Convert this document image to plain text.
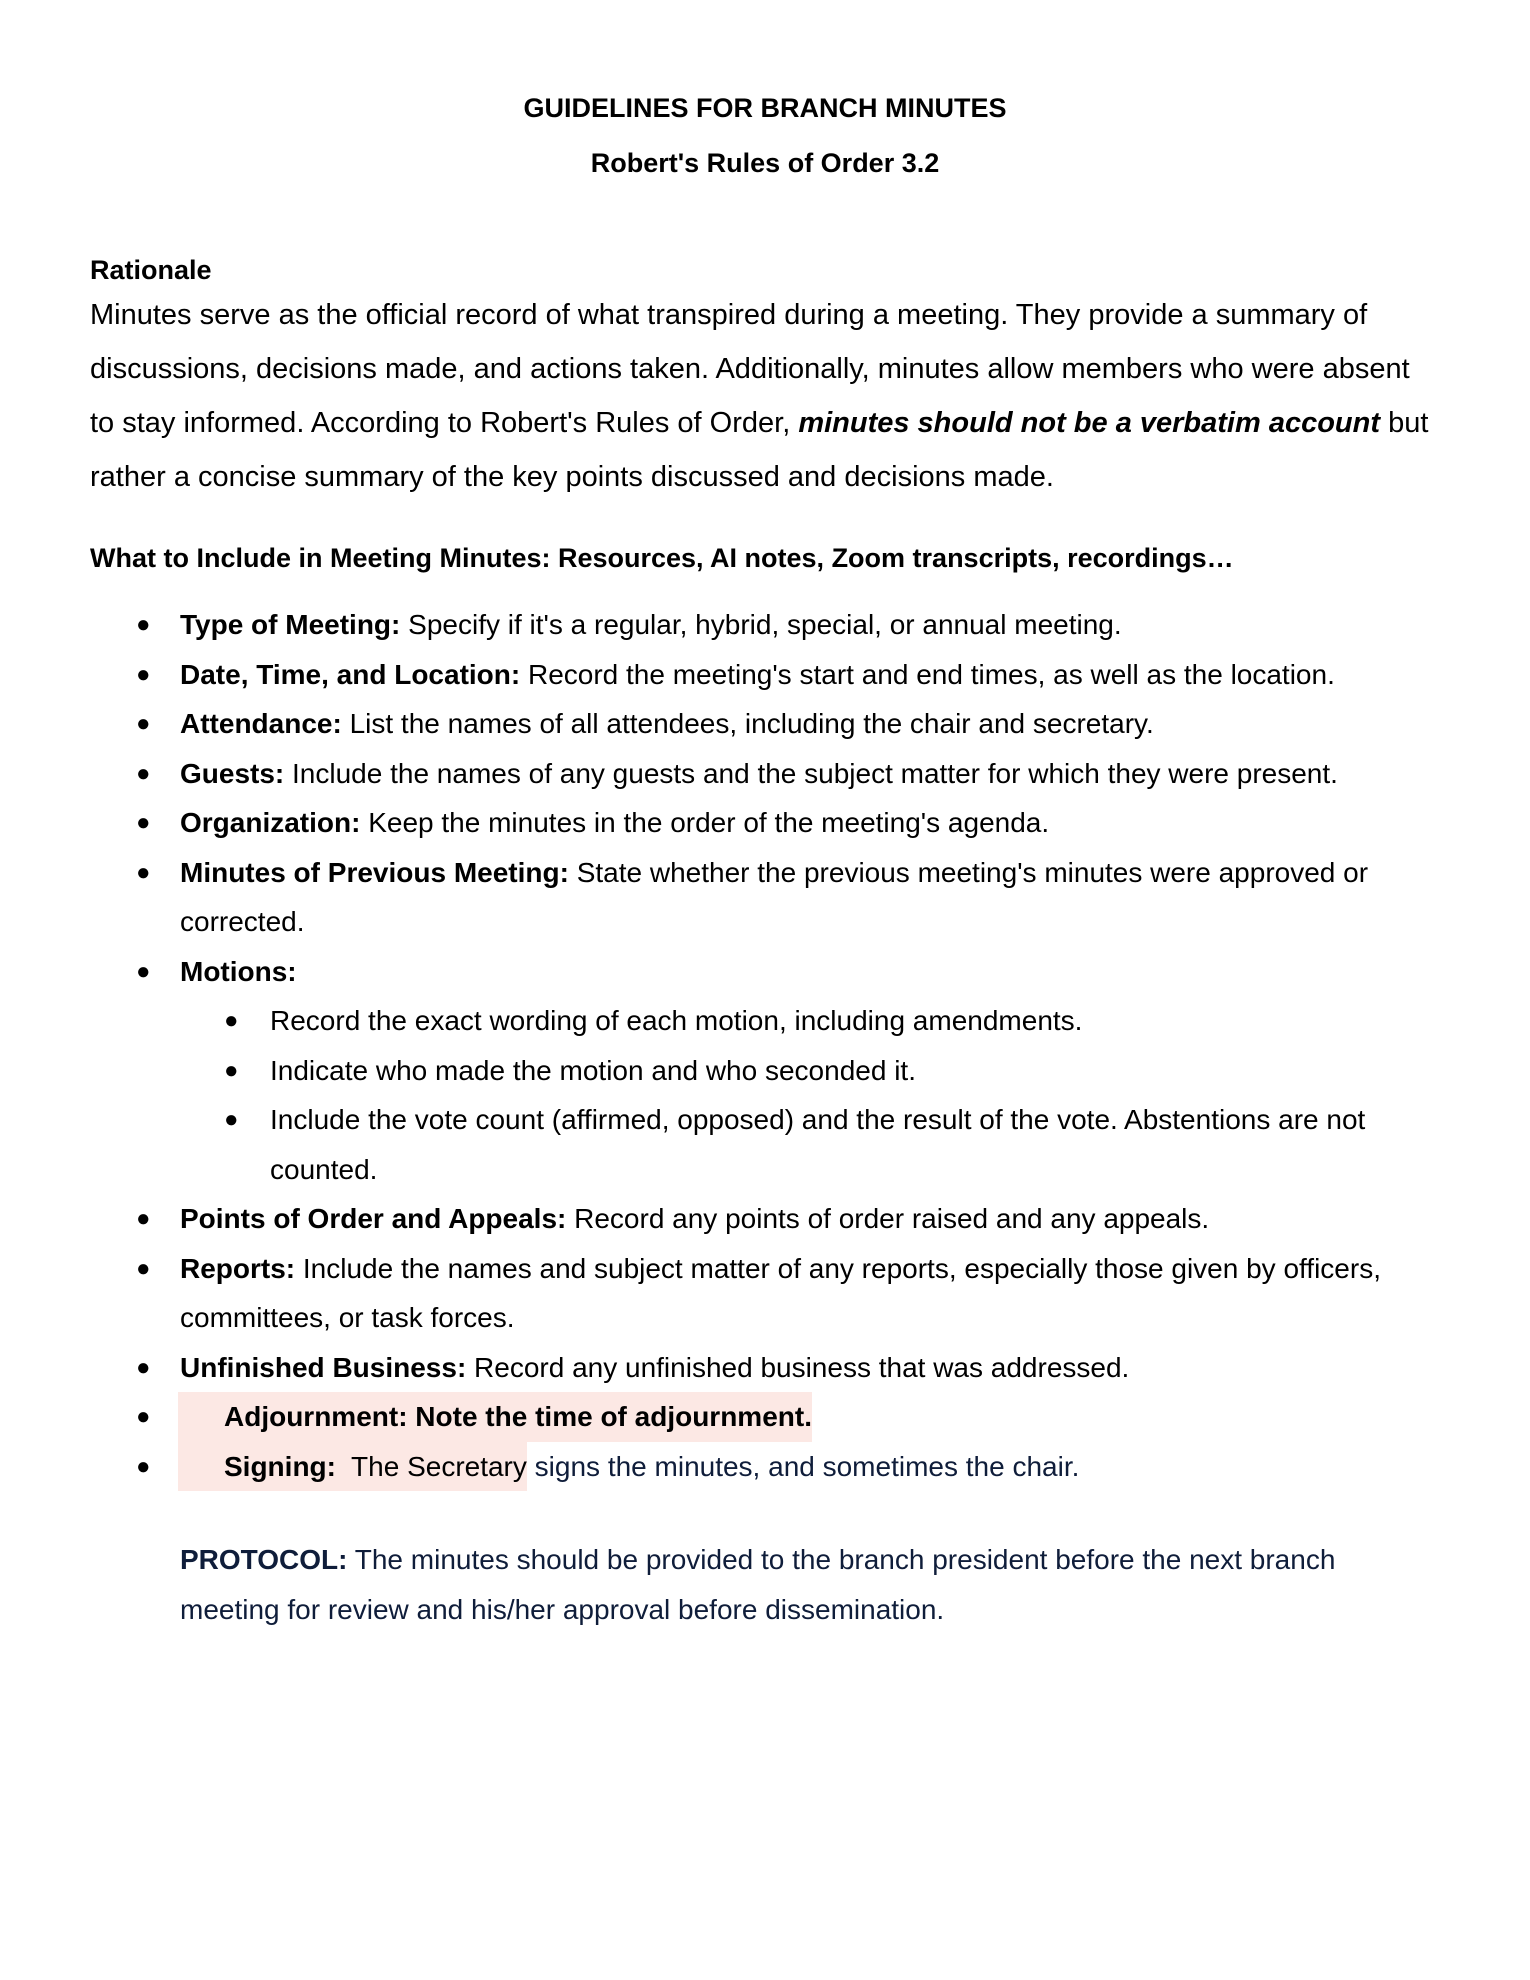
GUIDELINES FOR BRANCH MINUTES
Robert's Rules of Order 3.2
Rationale
Minutes serve as the official record of what transpired during a meeting. They provide a summary of discussions, decisions made, and actions taken. Additionally, minutes allow members who were absent to stay informed. According to Robert's Rules of Order, minutes should not be a verbatim account but rather a concise summary of the key points discussed and decisions made.
What to Include in Meeting Minutes: Resources, AI notes, Zoom transcripts, recordings…
● Type of Meeting: Specify if it's a regular, hybrid, special, or annual meeting.
● Date, Time, and Location: Record the meeting's start and end times, as well as the location.
● Attendance: List the names of all attendees, including the chair and secretary.
● Guests: Include the names of any guests and the subject matter for which they were present.
● Organization: Keep the minutes in the order of the meeting's agenda.
● Minutes of Previous Meeting: State whether the previous meeting's minutes were approved or corrected.
● Motions:
● Record the exact wording of each motion, including amendments.
● Indicate who made the motion and who seconded it.
● Include the vote count (affirmed, opposed) and the result of the vote. Abstentions are not counted.
● Points of Order and Appeals: Record any points of order raised and any appeals.
● Reports: Include the names and subject matter of any reports, especially those given by officers, committees, or task forces.
● Unfinished Business: Record any unfinished business that was addressed.
●	Adjournment: Note the time of adjournment.
●	Signing:  The Secretary signs the minutes, and sometimes the chair.
PROTOCOL: The minutes should be provided to the branch president before the next branch meeting for review and his/her approval before dissemination.
